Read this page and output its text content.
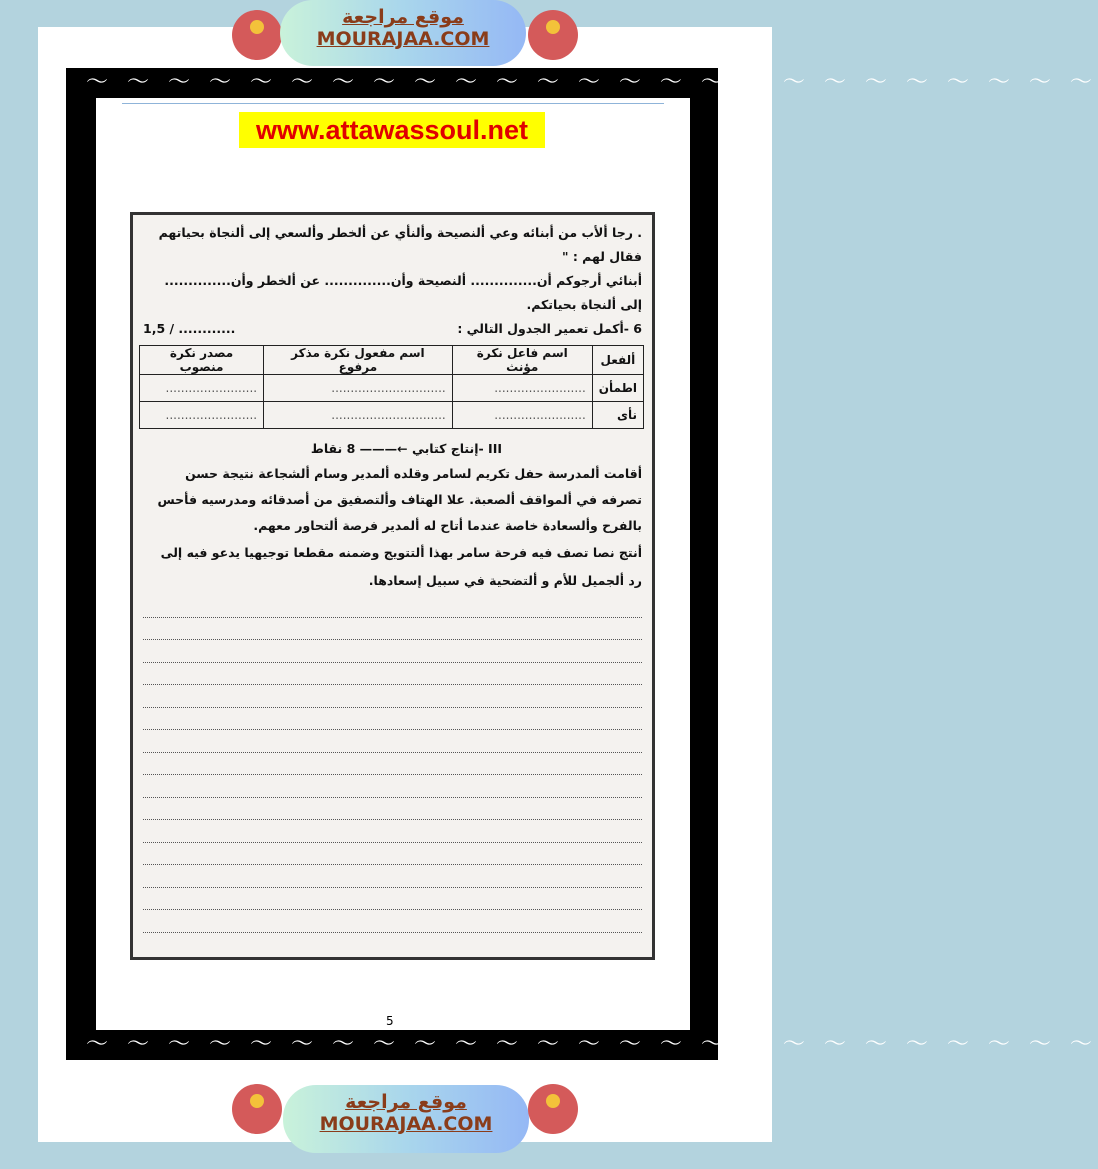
موقع مراجعة
MOURAJAA.COM
〜 〜 〜 〜 〜 〜 〜 〜 〜 〜 〜 〜 〜 〜 〜 〜 〜 〜 〜 〜 〜 〜 〜 〜 〜
〜 〜 〜 〜 〜 〜 〜 〜 〜 〜 〜 〜 〜 〜 〜 〜 〜 〜 〜 〜 〜 〜 〜 〜 〜
www.attawassoul.net

. رجا ألأب من أبنائه وعي ألنصيحة وألنأي عن ألخطر وألسعي إلى ألنجاة بحياتهم فقال لهم : "

أبنائي أرجوكم أن.............. ألنصيحة وأن.............. عن ألخطر وأن.............. إلى ألنجاة بحياتكم.

6 -أكمل تعمير الجدول التالي :
1,5 / ............

ألفعل	اسم فاعل نكرة مؤنث	اسم مفعول نكرة مذكر مرفوع	مصدر نكرة منصوب
اطمأن	........................	..............................	........................
نأى	........................	..............................	........................

III -إنتاج كتابي ←——— 8 نقاط

أقامت ألمدرسة حفل تكريم لسامر وقلده ألمدير وسام ألشجاعة نتيجة حسن تصرفه في ألمواقف ألصعبة. علا الهتاف وألتصفيق من أصدقائه ومدرسيه فأحس بالفرح وألسعادة خاصة عندما أتاح له ألمدير فرصة ألتحاور معهم.

أنتج نصا تصف فيه فرحة سامر بهذا ألتتويج وضمنه مقطعا توجيهيا يدعو فيه إلى رد ألجميل للأم و ألتضحية في سبيل إسعادها.

5
موقع مراجعة
MOURAJAA.COM
